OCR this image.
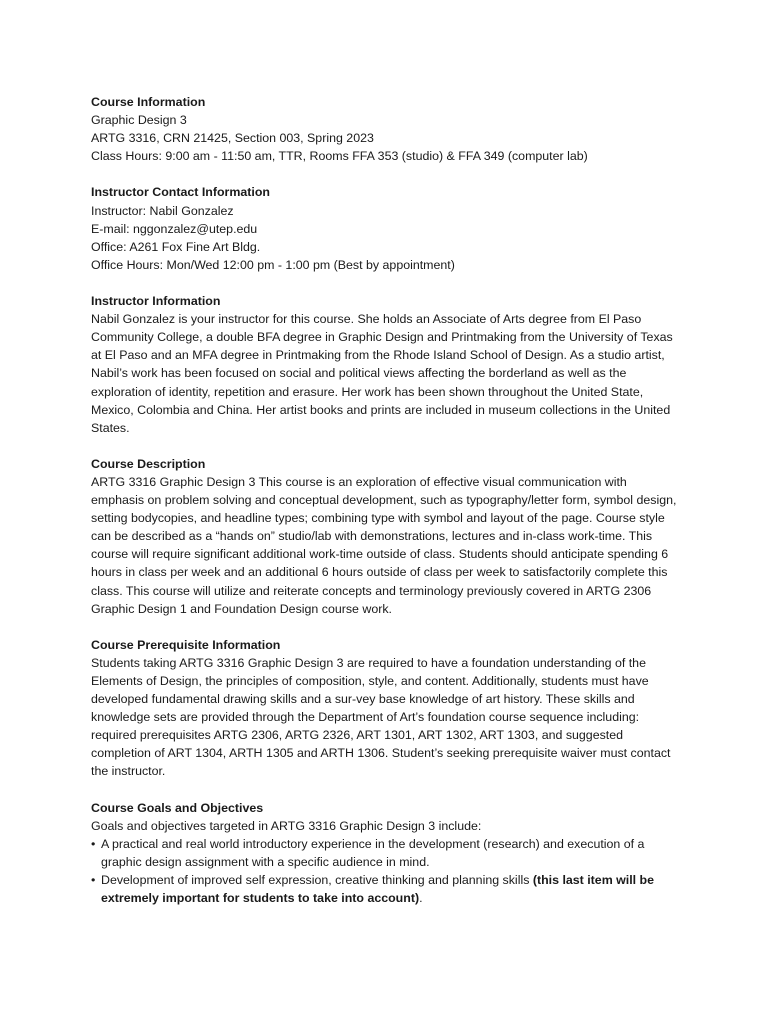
Course Information
Graphic Design 3
ARTG 3316, CRN 21425, Section 003, Spring 2023
Class Hours: 9:00 am - 11:50 am, TTR, Rooms FFA 353 (studio) & FFA 349 (computer lab)
Instructor Contact Information
Instructor: Nabil Gonzalez
E-mail: nggonzalez@utep.edu
Office: A261 Fox Fine Art Bldg.
Office Hours: Mon/Wed 12:00 pm - 1:00 pm (Best by appointment)
Instructor Information
Nabil Gonzalez is your instructor for this course. She holds an Associate of Arts degree from El Paso Community College, a double BFA degree in Graphic Design and Printmaking from the University of Texas at El Paso and an MFA degree in Printmaking from the Rhode Island School of Design. As a studio artist, Nabil’s work has been focused on social and political views affecting the borderland as well as the exploration of identity, repetition and erasure. Her work has been shown throughout the United State, Mexico, Colombia and China. Her artist books and prints are included in museum collections in the United States.
Course Description
ARTG 3316 Graphic Design 3 This course is an exploration of effective visual communication with emphasis on problem solving and conceptual development, such as typography/letter form, symbol design, setting bodycopies, and headline types; combining type with symbol and layout of the page. Course style can be described as a “hands on” studio/lab with demonstrations, lectures and in-class work-time. This course will require significant additional work-time outside of class. Students should anticipate spending 6 hours in class per week and an additional 6 hours outside of class per week to satisfactorily complete this class. This course will utilize and reiterate concepts and terminology previously covered in ARTG 2306 Graphic Design 1 and Foundation Design course work.
Course Prerequisite Information
Students taking ARTG 3316 Graphic Design 3 are required to have a foundation understanding of the Elements of Design, the principles of composition, style, and content. Additionally, students must have developed fundamental drawing skills and a sur-vey base knowledge of art history. These skills and knowledge sets are provided through the Department of Art’s foundation course sequence including: required prerequisites ARTG 2306, ARTG 2326, ART 1301, ART 1302, ART 1303, and suggested completion of ART 1304, ARTH 1305 and ARTH 1306. Student’s seeking prerequisite waiver must contact the instructor.
Course Goals and Objectives
Goals and objectives targeted in ARTG 3316 Graphic Design 3 include:
• A practical and real world introductory experience in the development (research) and execution of a graphic design assignment with a specific audience in mind.
• Development of improved self expression, creative thinking and planning skills (this last item will be extremely important for students to take into account).
